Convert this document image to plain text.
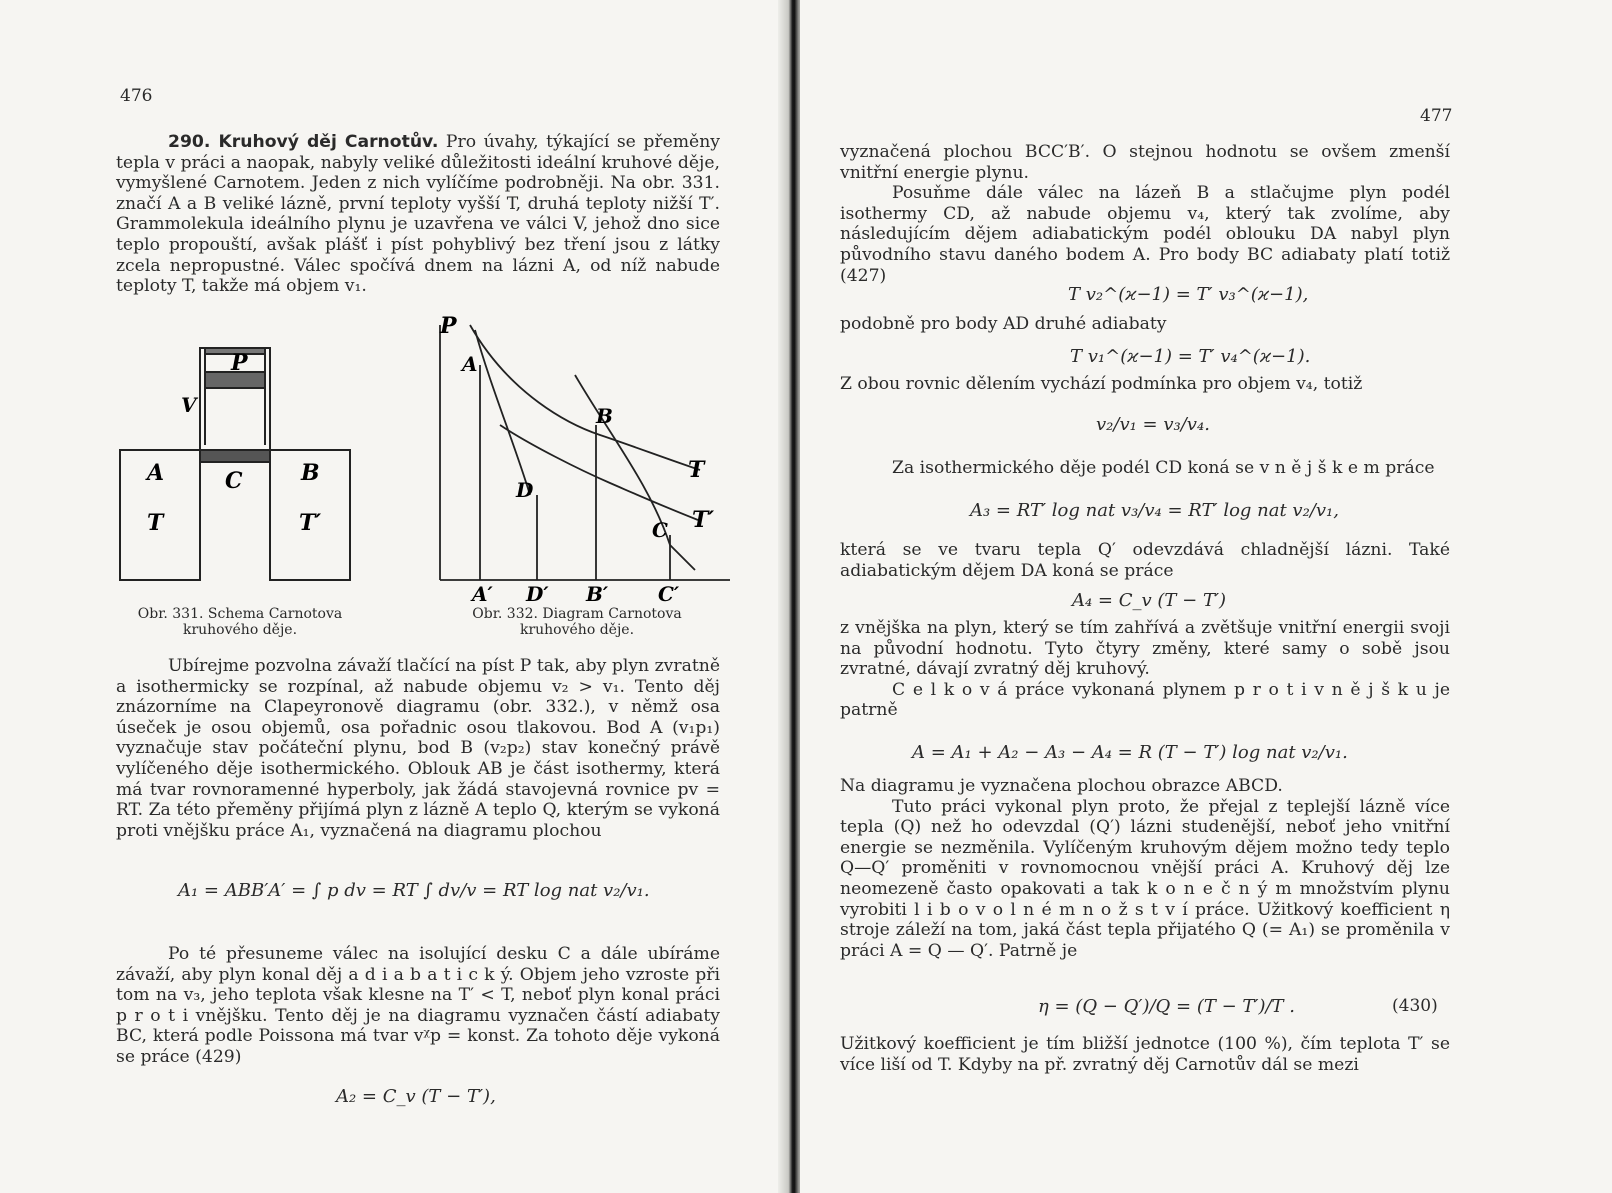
476

290. Kruhový děj Carnotův. Pro úvahy, týkající se přeměny tepla v práci a naopak, nabyly veliké důležitosti ideální kruhové děje, vymyšlené Carnotem. Jeden z nich vylíčíme podrobněji. Na obr. 331. značí A a B veliké lázně, první teploty vyšší T, druhá teploty nižší T′. Grammolekula ideálního plynu je uzavřena ve válci V, jehož dno sice teplo propouští, avšak plášť i píst pohyblivý bez tření jsou z látky zcela nepropustné. Válec spočívá dnem na lázni A, od níž nabude teploty T, takže má objem v₁.

P
V
A
T
C	B
T′
Obr. 331. Schema Carnotova kruhového děje.
P
A
B
D
C
T
T′
A′ D′ B′ C′
Obr. 332. Diagram Carnotova kruhového děje.

Ubírejme pozvolna závaží tlačící na píst P tak, aby plyn zvratně a isothermicky se rozpínal, až nabude objemu v₂ > v₁. Tento děj znázorníme na Clapeyronově diagramu (obr. 332.), v němž osa úseček je osou objemů, osa pořadnic osou tlakovou. Bod A (v₁p₁) vyznačuje stav počáteční plynu, bod B (v₂p₂) stav konečný právě vylíčeného děje isothermického. Oblouk AB je část isothermy, která má tvar rovnoramenné hyperboly, jak žádá stavojevná rovnice pv = RT. Za této přeměny přijímá plyn z lázně A teplo Q, kterým se vykoná proti vnějšku práce A₁, vyznačená na diagramu plochou

A₁ = ABB′A′ = ∫ p dv = RT ∫ dv/v = RT log nat v₂/v₁.

Po té přesuneme válec na isolující desku C a dále ubíráme závaží, aby plyn konal děj a d i a b a t i c k ý. Objem jeho vzroste při tom na v₃, jeho teplota však klesne na T′ < T, neboť plyn konal práci p r o t i vnějšku. Tento děj je na diagramu vyznačen částí adiabaty BC, která podle Poissona má tvar vᵡp = konst. Za tohoto děje vykoná se práce (429)

A₂ = C_v (T − T′),
477

vyznačená plochou BCC′B′. O stejnou hodnotu se ovšem zmenší vnitřní energie plynu.

Posuňme dále válec na lázeň B a stlačujme plyn podél isothermy CD, až nabude objemu v₄, který tak zvolíme, aby následujícím dějem adiabatickým podél oblouku DA nabyl plyn původního stavu daného bodem A. Pro body BC adiabaty platí totiž (427)

T v₂^(ϰ−1) = T′ v₃^(ϰ−1),

podobně pro body AD druhé adiabaty

T v₁^(ϰ−1) = T′ v₄^(ϰ−1).

Z obou rovnic dělením vychází podmínka pro objem v₄, totiž

v₂/v₁ = v₃/v₄.

Za isothermického děje podél CD koná se v n ě j š k e m práce

A₃ = RT′ log nat v₃/v₄ = RT′ log nat v₂/v₁,

která se ve tvaru tepla Q′ odevzdává chladnější lázni. Také adiabatickým dějem DA koná se práce

A₄ = C_v (T − T′)

z vnějška na plyn, který se tím zahřívá a zvětšuje vnitřní energii svoji na původní hodnotu. Tyto čtyry změny, které samy o sobě jsou zvratné, dávají zvratný děj kruhový.

C e l k o v á práce vykonaná plynem p r o t i v n ě j š k u je patrně

A = A₁ + A₂ − A₃ − A₄ = R (T − T′) log nat v₂/v₁.

Na diagramu je vyznačena plochou obrazce ABCD.

Tuto práci vykonal plyn proto, že přejal z teplejší lázně více tepla (Q) než ho odevzdal (Q′) lázni studenější, neboť jeho vnitřní energie se nezměnila. Vylíčeným kruhovým dějem možno tedy teplo Q—Q′ proměniti v rovnomocnou vnější práci A. Kruhový děj lze neomezeně často opakovati a tak k o n e č n ý m množstvím plynu vyrobiti l i b o v o l n é m n o ž s t v í práce. Užitkový koefficient η stroje záleží na tom, jaká část tepla přijatého Q (= A₁) se proměnila v práci A = Q — Q′. Patrně je

η = (Q − Q′)/Q = (T − T′)/T .	(430)

Užitkový koefficient je tím bližší jednotce (100 %), čím teplota T′ se více liší od T. Kdyby na př. zvratný děj Carnotův dál se mezi
